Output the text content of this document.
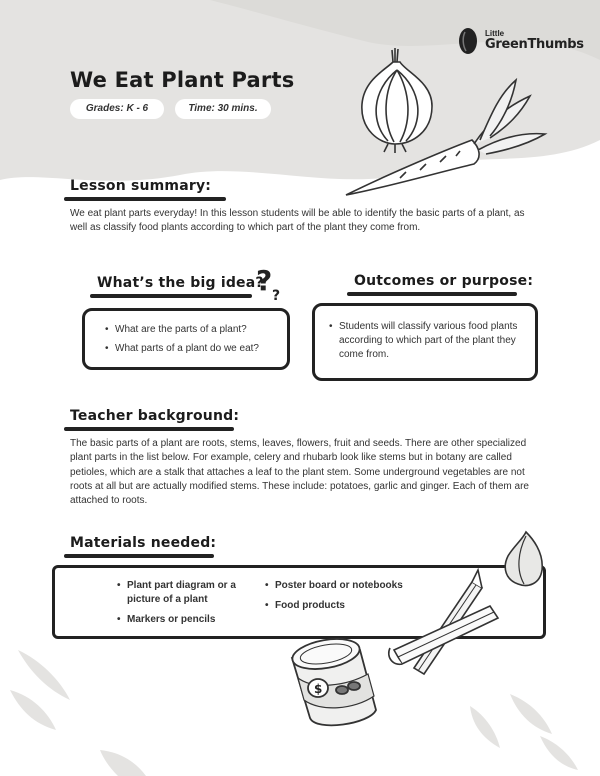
Little
GreenThumbs
We Eat Plant Parts
Grades: K - 6	Time: 30 mins.
Lesson summary:
We eat plant parts everyday! In this lesson students will be able to identify the basic parts of a plant, as well as classify food plants according to which part of the plant they come from.
What’s the big idea?
? ?
• What are the parts of a plant?
• What parts of a plant do we eat?
Outcomes or purpose:
• Students will classify various food plants according to which part of the plant they come from.
Teacher background:
The basic parts of a plant are roots, stems, leaves, flowers, fruit and seeds. There are other specialized plant parts in the list below. For example, celery and rhubarb look like stems but in botany are called petioles, which are a stalk that attaches a leaf to the plant stem. Some underground vegetables are not roots at all but are actually modified stems. These include: potatoes, garlic and ginger. Each of them are attached to roots.
Materials needed:
• Plant part diagram or a picture of a plant
• Markers or pencils
• Poster board or notebooks
• Food products
$
